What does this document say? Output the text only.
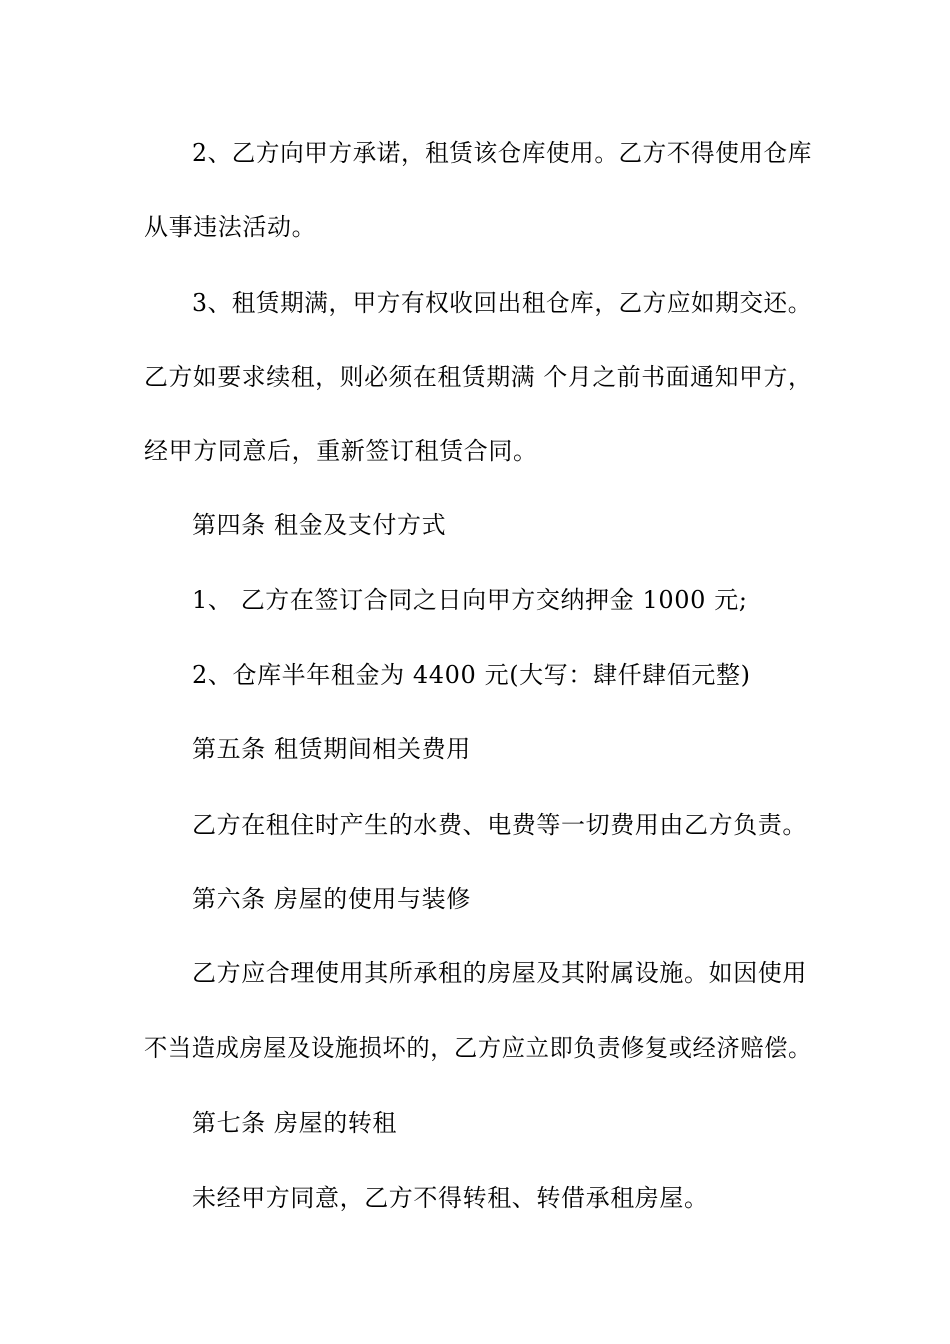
2、乙方向甲方承诺，租赁该仓库使用。乙方不得使用仓库
从事违法活动。
3、租赁期满，甲方有权收回出租仓库，乙方应如期交还。
乙方如要求续租，则必须在租赁期满 个月之前书面通知甲方，
经甲方同意后，重新签订租赁合同。
第四条 租金及支付方式
1、 乙方在签订合同之日向甲方交纳押金 1000 元;
2、仓库半年租金为 4400 元(大写：肆仟肆佰元整)
第五条 租赁期间相关费用
乙方在租住时产生的水费、电费等一切费用由乙方负责。
第六条 房屋的使用与装修
乙方应合理使用其所承租的房屋及其附属设施。如因使用
不当造成房屋及设施损坏的，乙方应立即负责修复或经济赔偿。
第七条 房屋的转租
未经甲方同意，乙方不得转租、转借承租房屋。
